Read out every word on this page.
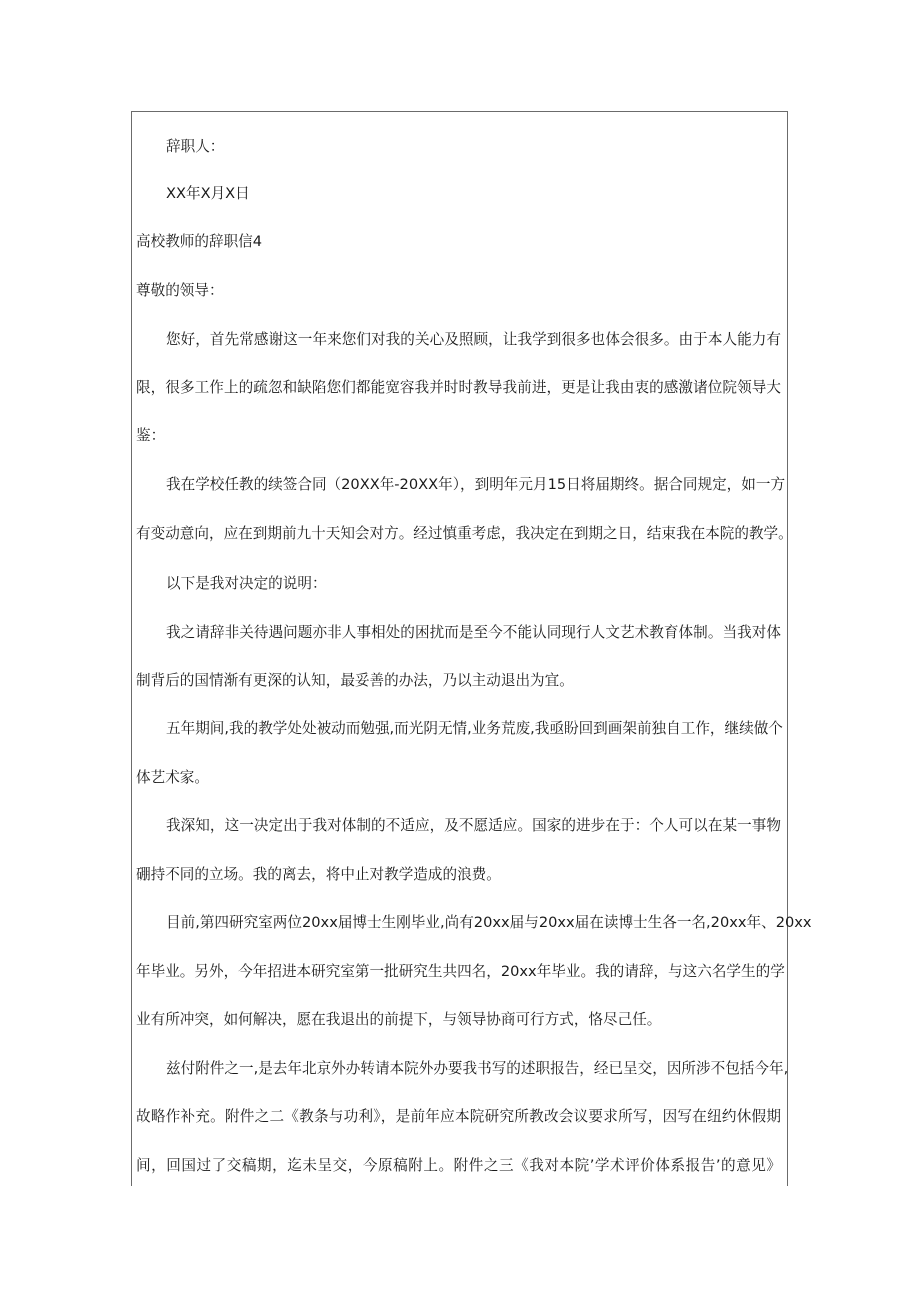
辞职人：
XX年X月X日
高校教师的辞职信4
尊敬的领导：
您好，首先常感谢这一年来您们对我的关心及照顾，让我学到很多也体会很多。由于本人能力有
限，很多工作上的疏忽和缺陷您们都能宽容我并时时教导我前进，更是让我由衷的感激诸位院领导大
鉴：
我在学校任教的续签合同（20XX年-20XX年），到明年元月15日将届期终。据合同规定，如一方
有变动意向，应在到期前九十天知会对方。经过慎重考虑，我决定在到期之日，结束我在本院的教学。
以下是我对决定的说明：
我之请辞非关待遇问题亦非人事相处的困扰而是至今不能认同现行人文艺术教育体制。当我对体
制背后的国情渐有更深的认知，最妥善的办法，乃以主动退出为宜。
五年期间,我的教学处处被动而勉强,而光阴无情,业务荒废,我亟盼回到画架前独自工作，继续做个
体艺术家。
我深知，这一决定出于我对体制的不适应，及不愿适应。国家的进步在于：个人可以在某一事物
硼持不同的立场。我的离去，将中止对教学造成的浪费。
目前,第四研究室两位20xx届博士生刚毕业,尚有20xx届与20xx届在读博士生各一名,20xx年、20xx
年毕业。另外，今年招进本研究室第一批研究生共四名，20xx年毕业。我的请辞，与这六名学生的学
业有所冲突，如何解决，愿在我退出的前提下，与领导协商可行方式，恪尽己任。
兹付附件之一,是去年北京外办转请本院外办要我书写的述职报告，经已呈交，因所涉不包括今年,
故略作补充。附件之二《教条与功利》，是前年应本院研究所教改会议要求所写，因写在纽约休假期
间，回国过了交稿期，迄未呈交，今原稿附上。附件之三《我对本院’学术评价体系报告’的意见》
